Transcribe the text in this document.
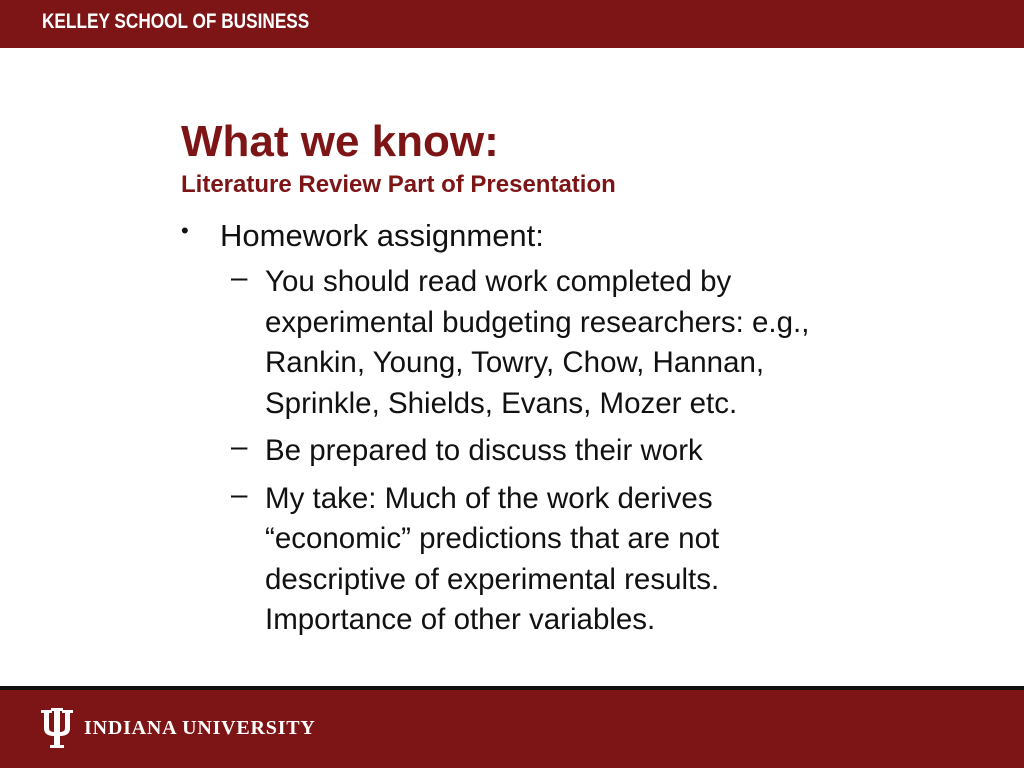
KELLEY SCHOOL OF BUSINESS
What we know:
Literature Review Part of Presentation
•	Homework assignment:
– You should read work completed by
experimental budgeting researchers: e.g.,
Rankin, Young, Towry, Chow, Hannan,
Sprinkle, Shields, Evans, Mozer etc.
– Be prepared to discuss their work
– My take: Much of the work derives
“economic” predictions that are not
descriptive of experimental results.
Importance of other variables.
INDIANA UNIVERSITY
